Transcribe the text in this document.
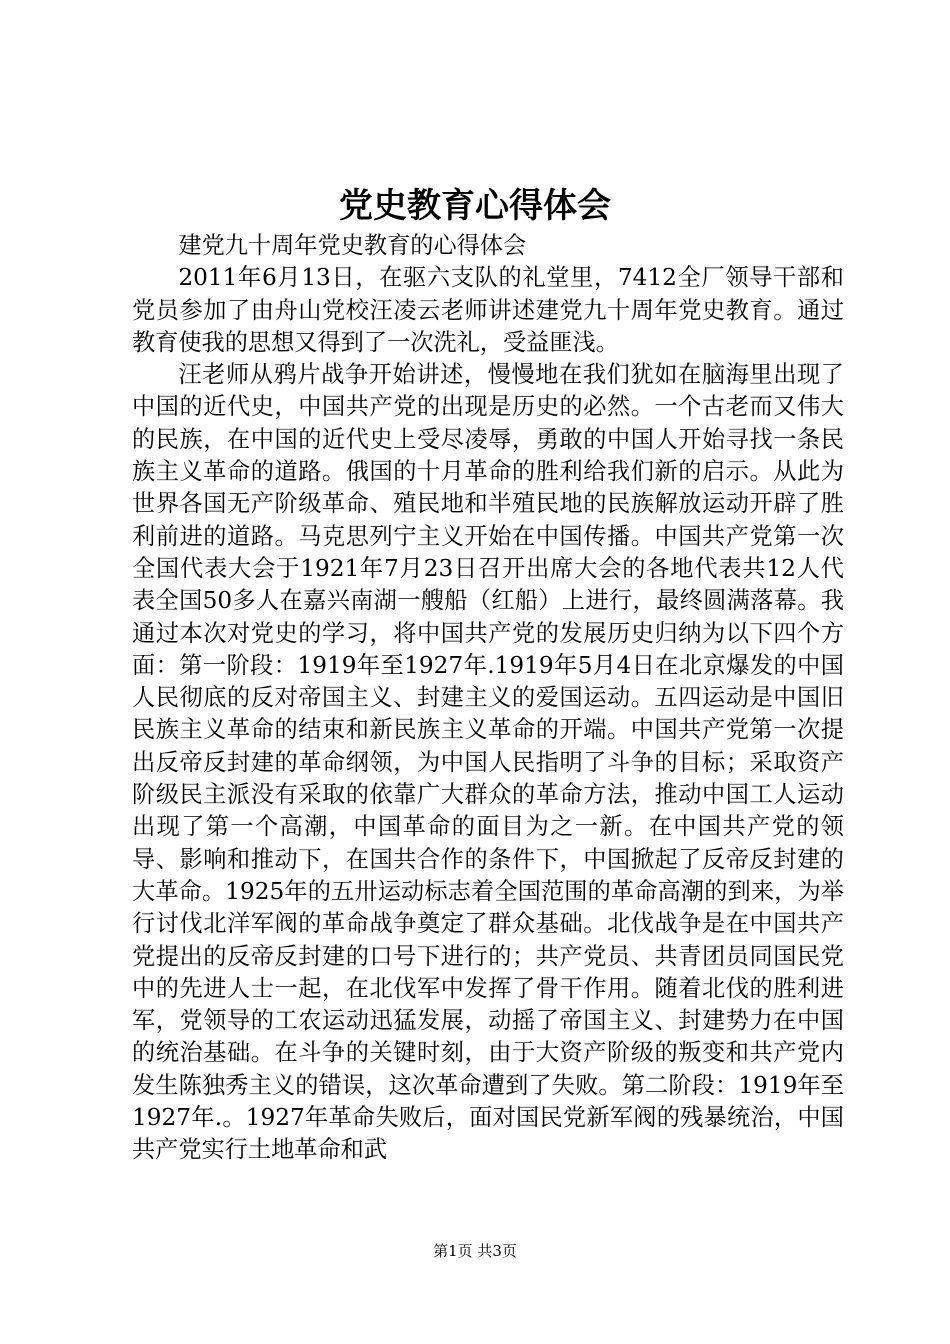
党史教育心得体会

建党九十周年党史教育的心得体会

2011年6月13日，在驱六支队的礼堂里，7412全厂领导干部和党员参加了由舟山党校汪凌云老师讲述建党九十周年党史教育。通过教育使我的思想又得到了一次洗礼，受益匪浅。

汪老师从鸦片战争开始讲述，慢慢地在我们犹如在脑海里出现了中国的近代史，中国共产党的出现是历史的必然。一个古老而又伟大的民族，在中国的近代史上受尽凌辱，勇敢的中国人开始寻找一条民族主义革命的道路。俄国的十月革命的胜利给我们新的启示。从此为世界各国无产阶级革命、殖民地和半殖民地的民族解放运动开辟了胜利前进的道路。马克思列宁主义开始在中国传播。中国共产党第一次全国代表大会于1921年7月23日召开出席大会的各地代表共12人代表全国50多人在嘉兴南湖一艘船（红船）上进行，最终圆满落幕。我通过本次对党史的学习，将中国共产党的发展历史归纳为以下四个方面：第一阶段：1919年至1927年.1919年5月4日在北京爆发的中国人民彻底的反对帝国主义、封建主义的爱国运动。五四运动是中国旧民族主义革命的结束和新民族主义革命的开端。中国共产党第一次提出反帝反封建的革命纲领，为中国人民指明了斗争的目标；采取资产阶级民主派没有采取的依靠广大群众的革命方法，推动中国工人运动出现了第一个高潮，中国革命的面目为之一新。在中国共产党的领导、影响和推动下，在国共合作的条件下，中国掀起了反帝反封建的大革命。1925年的五卅运动标志着全国范围的革命高潮的到来，为举行讨伐北洋军阀的革命战争奠定了群众基础。北伐战争是在中国共产党提出的反帝反封建的口号下进行的；共产党员、共青团员同国民党中的先进人士一起，在北伐军中发挥了骨干作用。随着北伐的胜利进军，党领导的工农运动迅猛发展，动摇了帝国主义、封建势力在中国的统治基础。在斗争的关键时刻，由于大资产阶级的叛变和共产党内发生陈独秀主义的错误，这次革命遭到了失败。第二阶段：1919年至1927年.。1927年革命失败后，面对国民党新军阀的残暴统治，中国共产党实行土地革命和武

第1页 共3页
